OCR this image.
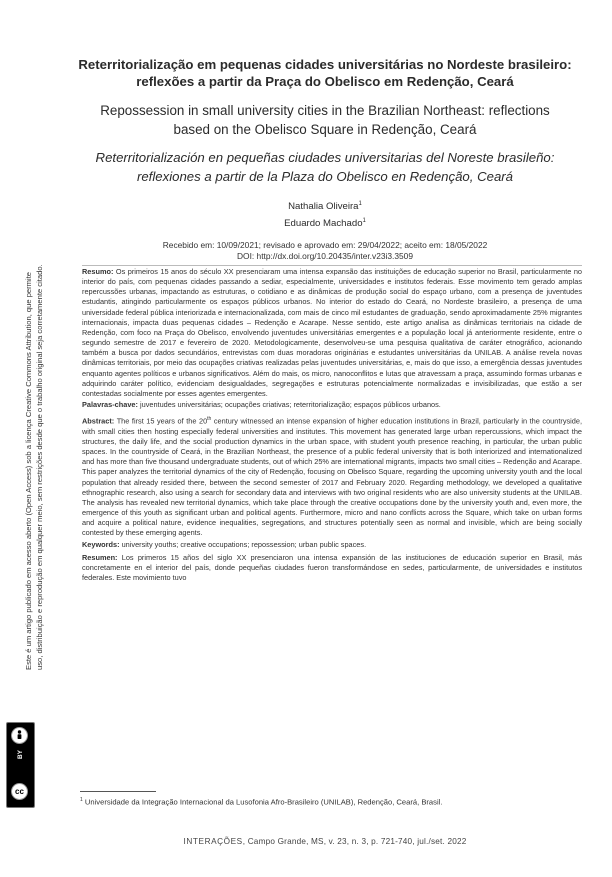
Reterritorialização em pequenas cidades universitárias no Nordeste brasileiro:
reflexões a partir da Praça do Obelisco em Redenção, Ceará
Repossession in small university cities in the Brazilian Northeast: reflections
based on the Obelisco Square in Redenção, Ceará
Reterritorialización en pequeñas ciudades universitarias del Noreste brasileño:
reflexiones a partir de la Plaza do Obelisco en Redenção, Ceará
Nathalia Oliveira$^1$
Eduardo Machado$^1$
Recebido em: 10/09/2021; revisado e aprovado em: 29/04/2022; aceito em: 18/05/2022
DOI: http://dx.doi.org/10.20435/inter.v23i3.3509

Resumo: Os primeiros 15 anos do século XX presenciaram uma intensa expansão das instituições de educação superior no Brasil, particularmente no interior do país, com pequenas cidades passando a sediar, especialmente, universidades e institutos federais. Esse movimento tem gerado amplas repercussões urbanas, impactando as estruturas, o cotidiano e as dinâmicas de produção social do espaço urbano, com a presença de juventudes estudantis, atingindo particularmente os espaços públicos urbanos. No interior do estado do Ceará, no Nordeste brasileiro, a presença de uma universidade federal pública interiorizada e internacionalizada, com mais de cinco mil estudantes de graduação, sendo aproximadamente 25% migrantes internacionais, impacta duas pequenas cidades – Redenção e Acarape. Nesse sentido, este artigo analisa as dinâmicas territoriais na cidade de Redenção, com foco na Praça do Obelisco, envolvendo juventudes universitárias emergentes e a população local já anteriormente residente, entre o segundo semestre de 2017 e fevereiro de 2020. Metodologicamente, desenvolveu-se uma pesquisa qualitativa de caráter etnográfico, acionando também a busca por dados secundários, entrevistas com duas moradoras originárias e estudantes universitárias da UNILAB. A análise revela novas dinâmicas territoriais, por meio das ocupações criativas realizadas pelas juventudes universitárias, e, mais do que isso, a emergência dessas juventudes enquanto agentes políticos e urbanos significativos. Além do mais, os micro, nanoconflitos e lutas que atravessam a praça, assumindo formas urbanas e adquirindo caráter político, evidenciam desigualdades, segregações e estruturas potencialmente normalizadas e invisibilizadas, que estão a ser contestadas socialmente por esses agentes emergentes.

Palavras-chave: juventudes universitárias; ocupações criativas; reterritorialização; espaços públicos urbanos.

Abstract: The first 15 years of the 20th century witnessed an intense expansion of higher education institutions in Brazil, particularly in the countryside, with small cities then hosting especially federal universities and institutes. This movement has generated large urban repercussions, which impact the structures, the daily life, and the social production dynamics in the urban space, with student youth presence reaching, in particular, the urban public spaces. In the countryside of Ceará, in the Brazilian Northeast, the presence of a public federal university that is both interiorized and internationalized and has more than five thousand undergraduate students, out of which 25% are international migrants, impacts two small cities – Redenção and Acarape. This paper analyzes the territorial dynamics of the city of Redenção, focusing on Obelisco Square, regarding the upcoming university youth and the local population that already resided there, between the second semester of 2017 and February 2020. Regarding methodology, we developed a qualitative ethnographic research, also using a search for secondary data and interviews with two original residents who are also university students at the UNILAB. The analysis has revealed new territorial dynamics, which take place through the creative occupations done by the university youth and, even more, the emergence of this youth as significant urban and political agents. Furthermore, micro and nano conflicts across the Square, which take on urban forms and acquire a political nature, evidence inequalities, segregations, and structures potentially seen as normal and invisible, which are being socially contested by these emerging agents.

Keywords: university youths; creative occupations; repossession; urban public spaces.

Resumen: Los primeros 15 años del siglo XX presenciaron una intensa expansión de las instituciones de educación superior en Brasil, más concretamente en el interior del país, donde pequeñas ciudades fueron transformándose en sedes, particularmente, de universidades e institutos federales. Este movimiento tuvo

$^1$ Universidade da Integração Internacional da Lusofonia Afro-Brasileiro (UNILAB), Redenção, Ceará, Brasil.
INTERAÇÕES, Campo Grande, MS, v. 23, n. 3, p. 721-740, jul./set. 2022
Este é um artigo publicado em acesso aberto (Open Access) sob a licença Creative Commons Attribution, que permite uso, distribuição e reprodução em qualquer meio, sem restrições desde que o trabalho original seja corretamente citado.
BY
cc
